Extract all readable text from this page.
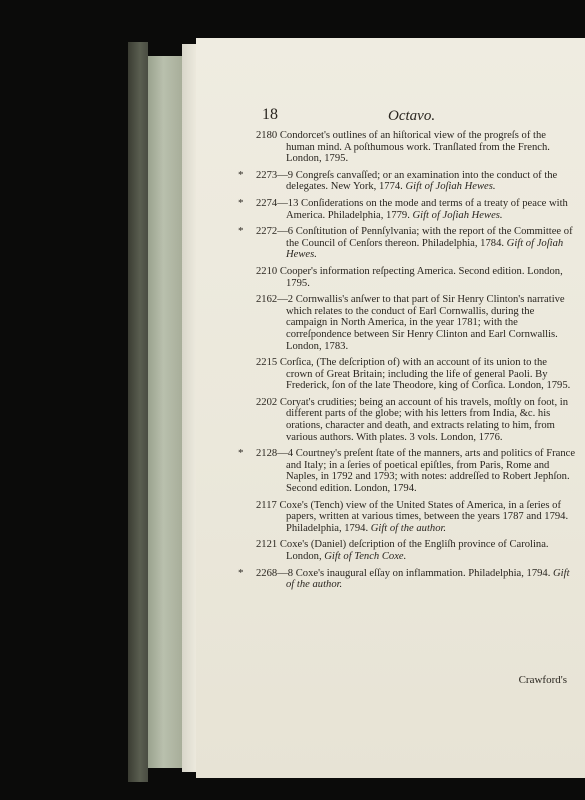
18	Octavo.
2180 Condorcet's outlines of an hiſtorical view of the progreſs of the human mind. A poſthumous work. Tranſlated from the French. London, 1795.
* 2273—9 Congreſs canvaſſed; or an examination into the conduct of the delegates. New York, 1774. Gift of Joſiah Hewes.
* 2274—13 Conſiderations on the mode and terms of a treaty of peace with America. Philadelphia, 1779. Gift of Joſiah Hewes.
* 2272—6 Conſtitution of Pennſylvania; with the report of the Committee of the Council of Cenſors thereon. Philadelphia, 1784. Gift of Joſiah Hewes.
2210 Cooper's information reſpecting America. Second edition. London, 1795.
2162—2 Cornwallis's anſwer to that part of Sir Henry Clinton's narrative which relates to the conduct of Earl Cornwallis, during the campaign in North America, in the year 1781; with the correſpondence between Sir Henry Clinton and Earl Cornwallis. London, 1783.
2215 Corſica, (The deſcription of) with an account of its union to the crown of Great Britain; including the life of general Paoli. By Frederick, ſon of the late Theodore, king of Corſica. London, 1795.
2202 Coryat's crudities; being an account of his travels, moſtly on foot, in different parts of the globe; with his letters from India, &c. his orations, character and death, and extracts relating to him, from various authors. With plates. 3 vols. London, 1776.
* 2128—4 Courtney's preſent ſtate of the manners, arts and politics of France and Italy; in a ſeries of poetical epiſtles, from Paris, Rome and Naples, in 1792 and 1793; with notes: addreſſed to Robert Jephſon. Second edition. London, 1794.
2117 Coxe's (Tench) view of the United States of America, in a ſeries of papers, written at various times, between the years 1787 and 1794. Philadelphia, 1794. Gift of the author.
2121 Coxe's (Daniel) deſcription of the Engliſh province of Carolina. London, Gift of Tench Coxe.
* 2268—8 Coxe's inaugural eſſay on inflammation. Philadelphia, 1794. Gift of the author.
Crawford's
